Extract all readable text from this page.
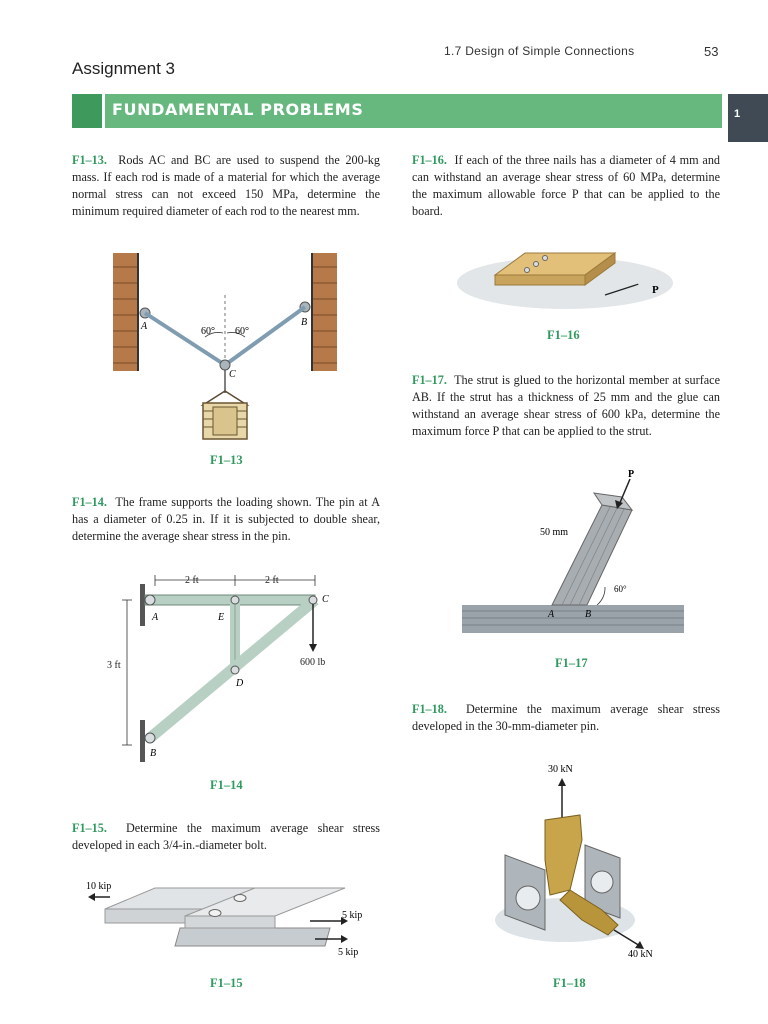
1.7 Design of Simple Connections	53
Assignment 3
FUNDAMENTAL PROBLEMS	1
F1–13. Rods AC and BC are used to suspend the 200-kg mass. If each rod is made of a material for which the average normal stress can not exceed 150 MPa, determine the minimum required diameter of each rod to the nearest mm.
F1–16. If each of the three nails has a diameter of 4 mm and can withstand an average shear stress of 60 MPa, determine the maximum allowable force P that can be applied to the board.
F1–17. The strut is glued to the horizontal member at surface AB. If the strut has a thickness of 25 mm and the glue can withstand an average shear stress of 600 kPa, determine the maximum force P that can be applied to the strut.
F1–14. The frame supports the loading shown. The pin at A has a diameter of 0.25 in. If it is subjected to double shear, determine the average shear stress in the pin.
F1–18. Determine the maximum average shear stress developed in the 30-mm-diameter pin.
F1–15. Determine the maximum average shear stress developed in each 3/4-in.-diameter bolt.
F1–13
F1–14
F1–15
F1–16
F1–17
F1–18
A	B
C
60° 60°
2 ft	2 ft
3 ft	600 lb
A
B
C
D
E
10 kip
5 kip
5 kip
P
P
50 mm
60°
A	B
30 kN
40 kN
